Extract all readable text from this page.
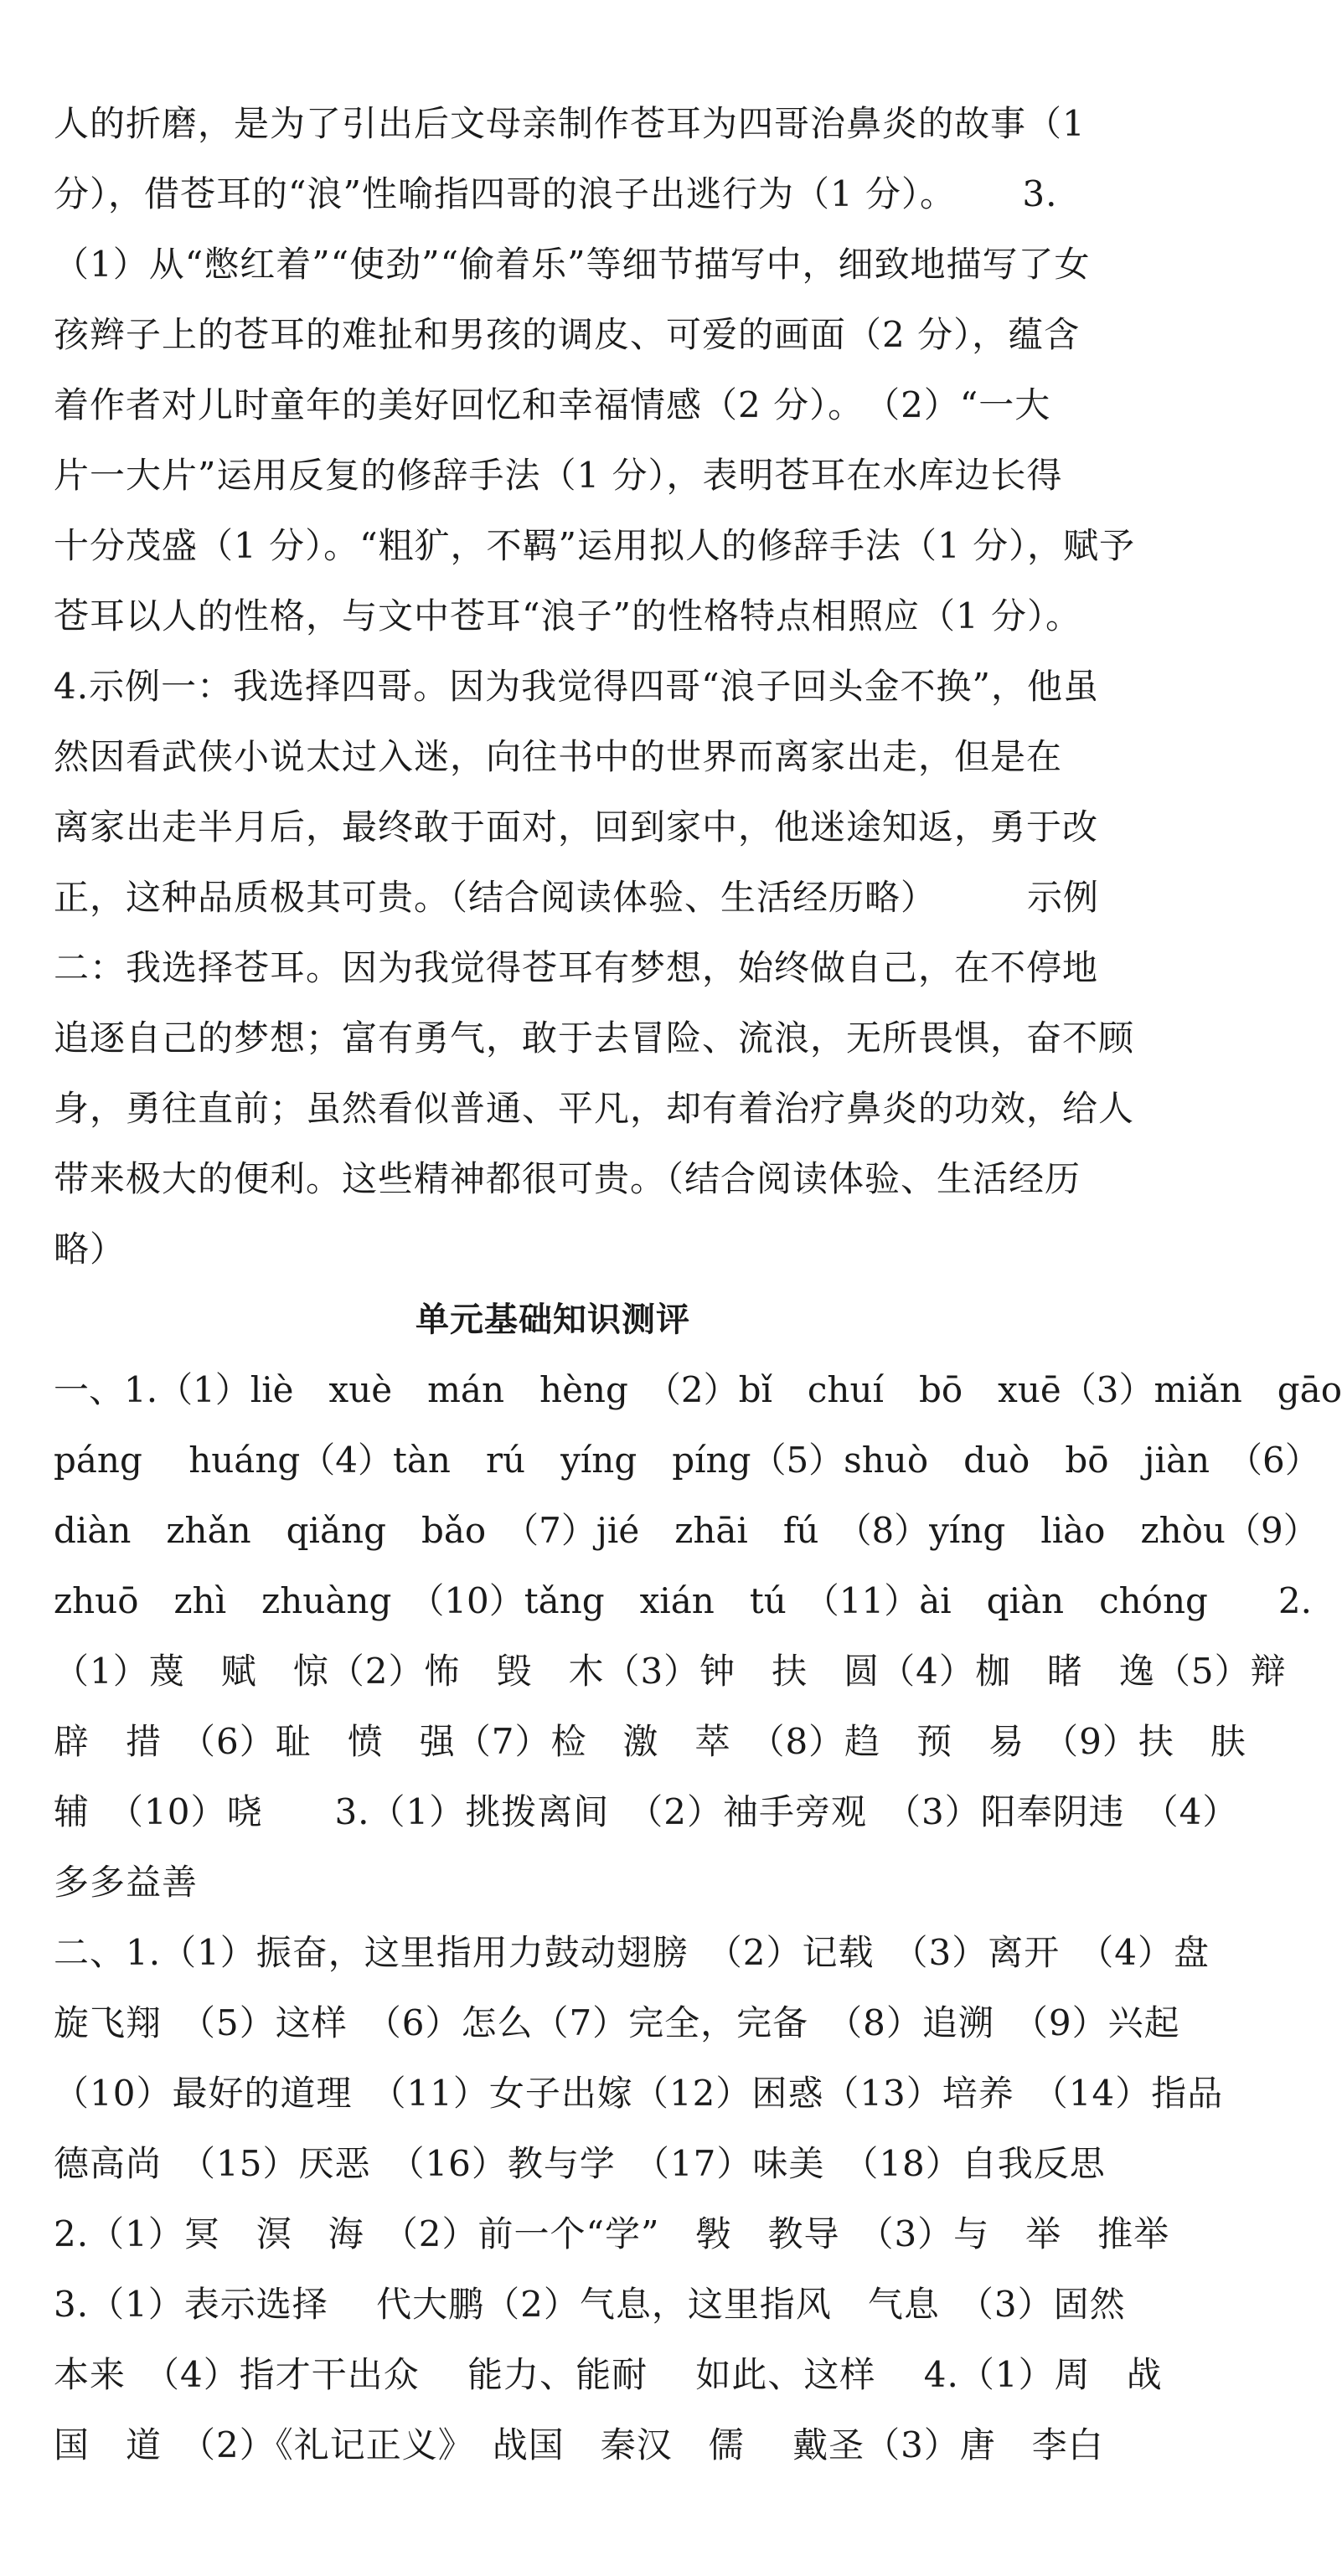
人的折磨，是为了引出后文母亲制作苍耳为四哥治鼻炎的故事（1
分），借苍耳的“浪”性喻指四哥的浪子出逃行为（1 分）。　　 3.
（1）从“憋红着”“使劲”“偷着乐”等细节描写中，细致地描写了女
孩辫子上的苍耳的难扯和男孩的调皮、可爱的画面（2 分），蕴含
着作者对儿时童年的美好回忆和幸福情感（2 分）。　（2）“一大
片一大片”运用反复的修辞手法（1 分），表明苍耳在水库边长得
十分茂盛（1 分）。“粗犷，不羁”运用拟人的修辞手法（1 分），赋予
苍耳以人的性格，与文中苍耳“浪子”的性格特点相照应（1 分）。
4.示例一：我选择四哥。因为我觉得四哥“浪子回头金不换”，他虽
然因看武侠小说太过入迷，向往书中的世界而离家出走，但是在
离家出走半月后，最终敢于面对，回到家中，他迷途知返，勇于改
正，这种品质极其可贵。（结合阅读体验、生活经历略）　　　示例
二：我选择苍耳。因为我觉得苍耳有梦想，始终做自己，在不停地
追逐自己的梦想；富有勇气，敢于去冒险、流浪，无所畏惧，奋不顾
身，勇往直前；虽然看似普通、平凡，却有着治疗鼻炎的功效，给人
带来极大的便利。这些精神都很可贵。（结合阅读体验、生活经历
略）
单元基础知识测评
一、1.（1）liè　xuè　mán　hèng　（2）bǐ　chuí　bō　xuē（3）miǎn　gāo
páng　 huáng（4）tàn　rú　yíng　píng（5）shuò　duò　bō　jiàn　（6）
diàn　zhǎn　qiǎng　bǎo　（7）jié　zhāi　fú　（8）yíng　liào　zhòu（9）
zhuō　zhì　zhuàng　（10）tǎng　xián　tú　（11）ài　qiàn　chóng　　2.
（1）蔑　赋　惊（2）怖　毁　木（3）钟　扶　圆（4）枷　睹　逸（5）辩
辟　措　（6）耻　愤　强（7）检　激　萃　（8）趋　预　易　（9）扶　肤
辅　（10）哓　　3.（1）挑拨离间　（2）袖手旁观　（3）阳奉阴违　（4）
多多益善
二、1.（1）振奋，这里指用力鼓动翅膀　（2）记载　（3）离开　（4）盘
旋飞翔　（5）这样　（6）怎么（7）完全，完备　（8）追溯　（9）兴起
（10）最好的道理　（11）女子出嫁（12）困惑（13）培养　（14）指品
德高尚　（15）厌恶　（16）教与学　（17）味美　（18）自我反思
2.（1）冥　溟　海　（2）前一个“学”　斅　教导　（3）与　举　推举
3.（1）表示选择　 代大鹏（2）气息，这里指风　气息　（3）固然
本来　（4）指才干出众　 能力、能耐　 如此、这样　 4.（1）周　战
国　道　（2）《礼记正义》　战国　秦汉　儒　 戴圣（3）唐　李白
